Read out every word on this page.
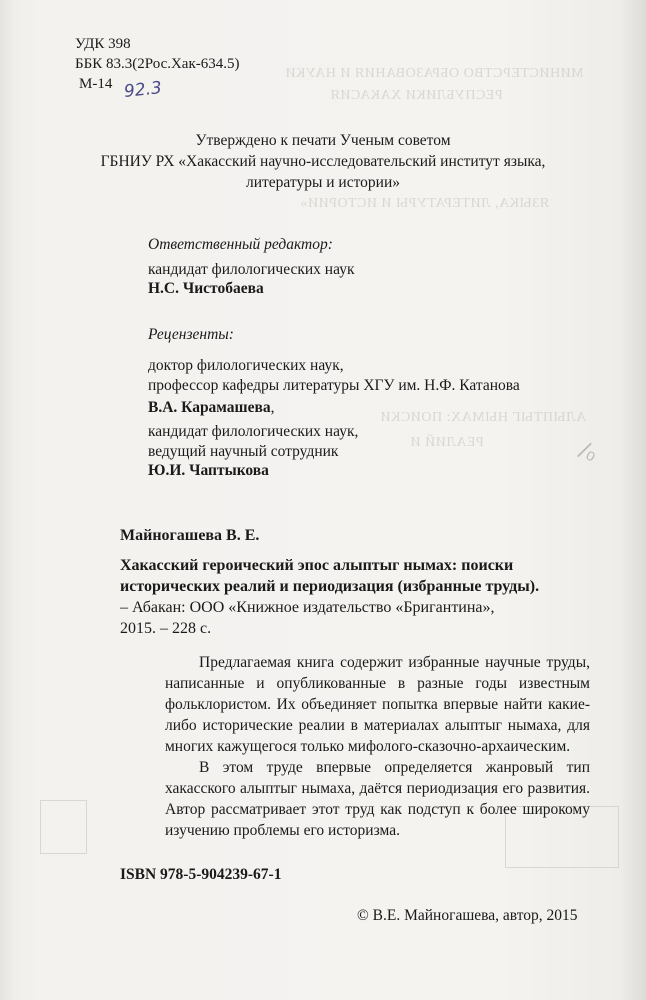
МИНИСТЕРСТВО ОБРАЗОВАНИЯ И НАУКИ
РЕСПУБЛИКИ ХАКАСИЯ
ЯЗЫКА, ЛИТЕРАТУРЫ И ИСТОРИИ»
АЛЫПТЫГ НЫМАХ: ПОИСКИ
РЕАЛИЙ И
УДК 398
ББК 83.3(2Рос.Хак-634.5)
М-14 92.3
Утверждено к печати Ученым советом
ГБНИУ РХ «Хакасский научно-исследовательский институт языка,
литературы и истории»
Ответственный редактор:
кандидат филологических наук
Н.С. Чистобаева
Рецензенты:
доктор филологических наук,
профессор кафедры литературы ХГУ им. Н.Ф. Катанова
В.А. Карамашева,
кандидат филологических наук,
ведущий научный сотрудник
Ю.И. Чаптыкова
∕₀
Майногашева В. Е.
Хакасский героический эпос алыптыг нымах: поиски
исторических реалий и периодизация (избранные труды).
– Абакан: ООО «Книжное издательство «Бригантина»,
2015. – 228 с.

Предлагаемая книга содержит избранные научные труды, написанные и опубликованные в разные годы известным фольклористом. Их объединяет попытка впервые найти какие-либо исторические реалии в материалах алыптыг нымаха, для многих кажущегося только мифолого-сказочно-архаическим.

В этом труде впервые определяется жанровый тип хакасского алыптыг нымаха, даётся периодизация его развития. Автор рассматривает этот труд как подступ к более широкому изучению проблемы его историзма.

ISBN 978-5-904239-67-1
© В.Е. Майногашева, автор, 2015
